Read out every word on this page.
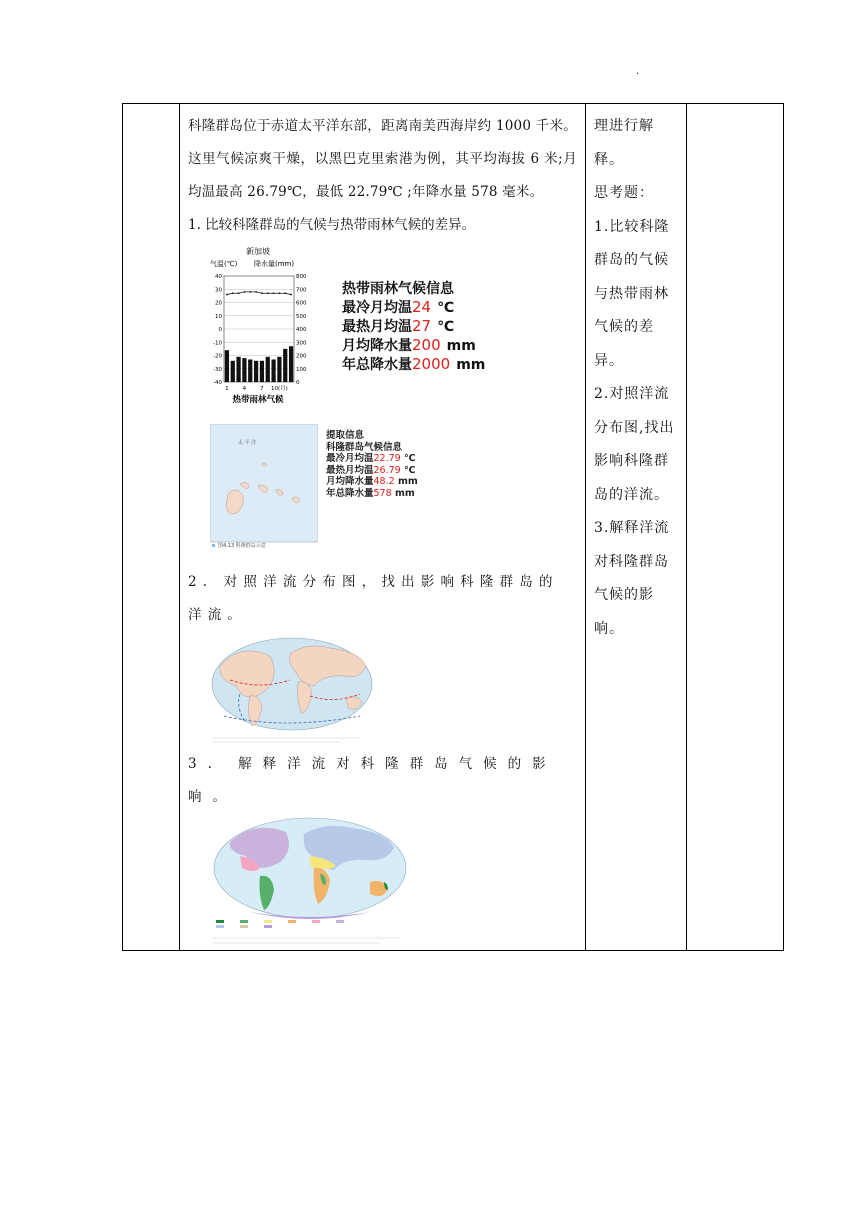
.

科隆群岛位于赤道太平洋东部，距离南美西海岸约 1000 千米。这里气候凉爽干燥，以黑巴克里索港为例，其平均海拔 6 米;月均温最高 26.79℃，最低 22.79℃ ;年降水量 578 毫米。
1. 比较科隆群岛的气候与热带雨林气候的差异。
新加坡
气温(℃) 降水量(mm)
40	800
30	700
20	600
10	500
0	400
-10	300
-20	200
-30	100
-40	0
1	4	7 10(月)
热带雨林气候
热带雨林气候信息
最冷月均温24 ℃
最热月均温27 ℃
月均降水量200 mm
年总降水量2000 mm
太 平 洋
图4.13 科隆群岛示意
提取信息
科隆群岛气候信息
最冷月均温22.79 ℃
最热月均温26.79 ℃
月均降水量48.2 mm
年总降水量578 mm
2. 对照洋流分布图，找出影响科隆群岛的洋流。
3. 解释洋流对科隆群岛气候的影响。

理进行解释。
思考题：
1.比较科隆
群岛的气候
与热带雨林
气候的差异。
2.对照洋流
分布图,找出
影响科隆群
岛的洋流。
3.解释洋流
对科隆群岛
气候的影响。
